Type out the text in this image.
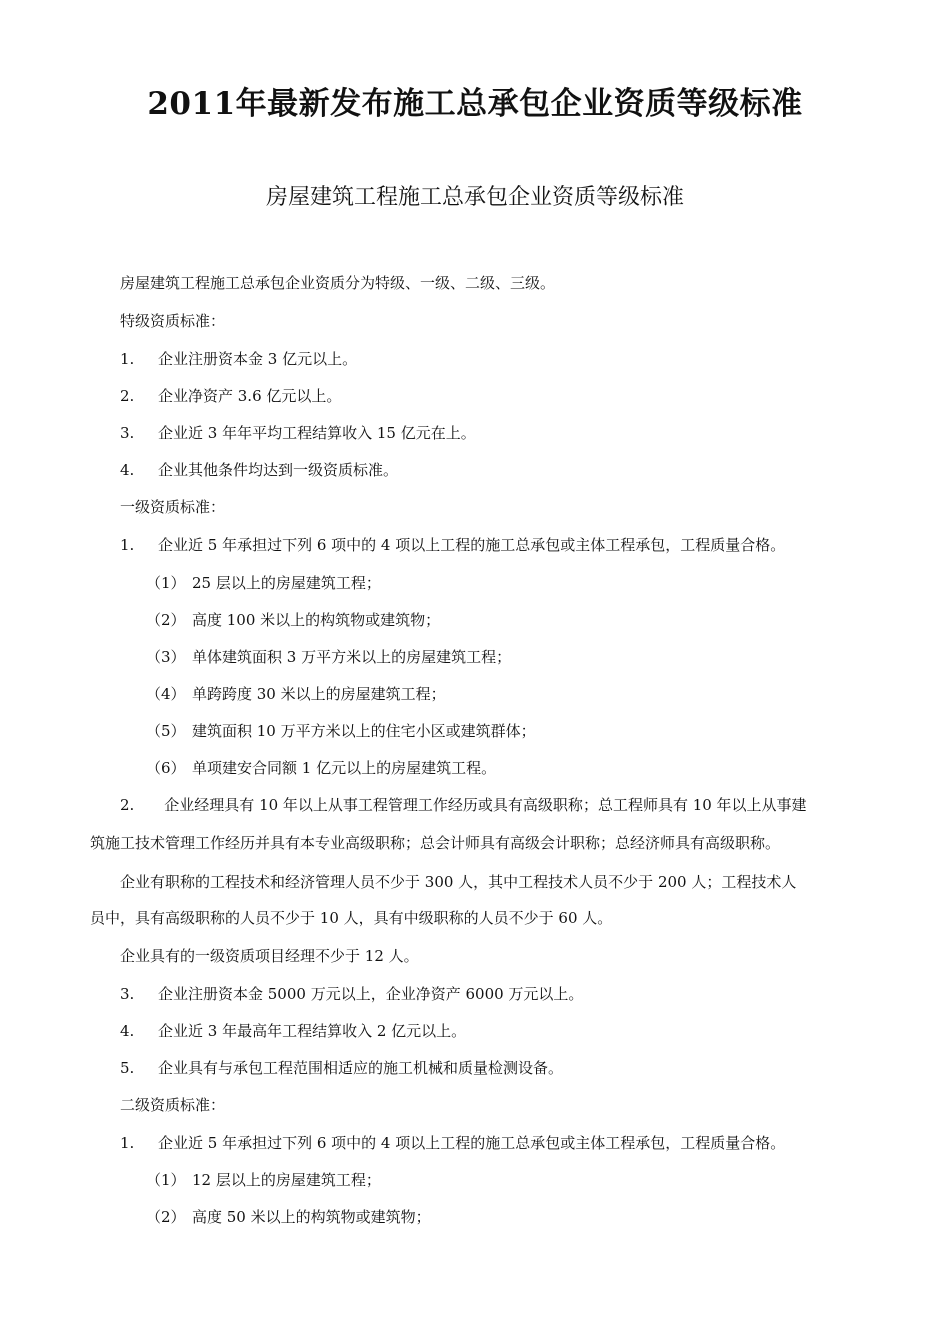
2011年最新发布施工总承包企业资质等级标准
房屋建筑工程施工总承包企业资质等级标准
房屋建筑工程施工总承包企业资质分为特级、一级、二级、三级。
特级资质标准：
1. 企业注册资本金 3 亿元以上。
2. 企业净资产 3.6 亿元以上。
3. 企业近 3 年年平均工程结算收入 15 亿元在上。
4. 企业其他条件均达到一级资质标准。
一级资质标准：
1. 企业近 5 年承担过下列 6 项中的 4 项以上工程的施工总承包或主体工程承包，工程质量合格。
（1） 25 层以上的房屋建筑工程；
（2） 高度 100 米以上的构筑物或建筑物；
（3） 单体建筑面积 3 万平方米以上的房屋建筑工程；
（4） 单跨跨度 30 米以上的房屋建筑工程；
（5） 建筑面积 10 万平方米以上的住宅小区或建筑群体；
（6） 单项建安合同额 1 亿元以上的房屋建筑工程。
2.　　企业经理具有 10 年以上从事工程管理工作经历或具有高级职称；总工程师具有 10 年以上从事建
筑施工技术管理工作经历并具有本专业高级职称；总会计师具有高级会计职称；总经济师具有高级职称。
企业有职称的工程技术和经济管理人员不少于 300 人，其中工程技术人员不少于 200 人；工程技术人
员中，具有高级职称的人员不少于 10 人，具有中级职称的人员不少于 60 人。
企业具有的一级资质项目经理不少于 12 人。
3. 企业注册资本金 5000 万元以上，企业净资产 6000 万元以上。
4. 企业近 3 年最高年工程结算收入 2 亿元以上。
5. 企业具有与承包工程范围相适应的施工机械和质量检测设备。
二级资质标准：
1. 企业近 5 年承担过下列 6 项中的 4 项以上工程的施工总承包或主体工程承包，工程质量合格。
（1） 12 层以上的房屋建筑工程；
（2） 高度 50 米以上的构筑物或建筑物；
